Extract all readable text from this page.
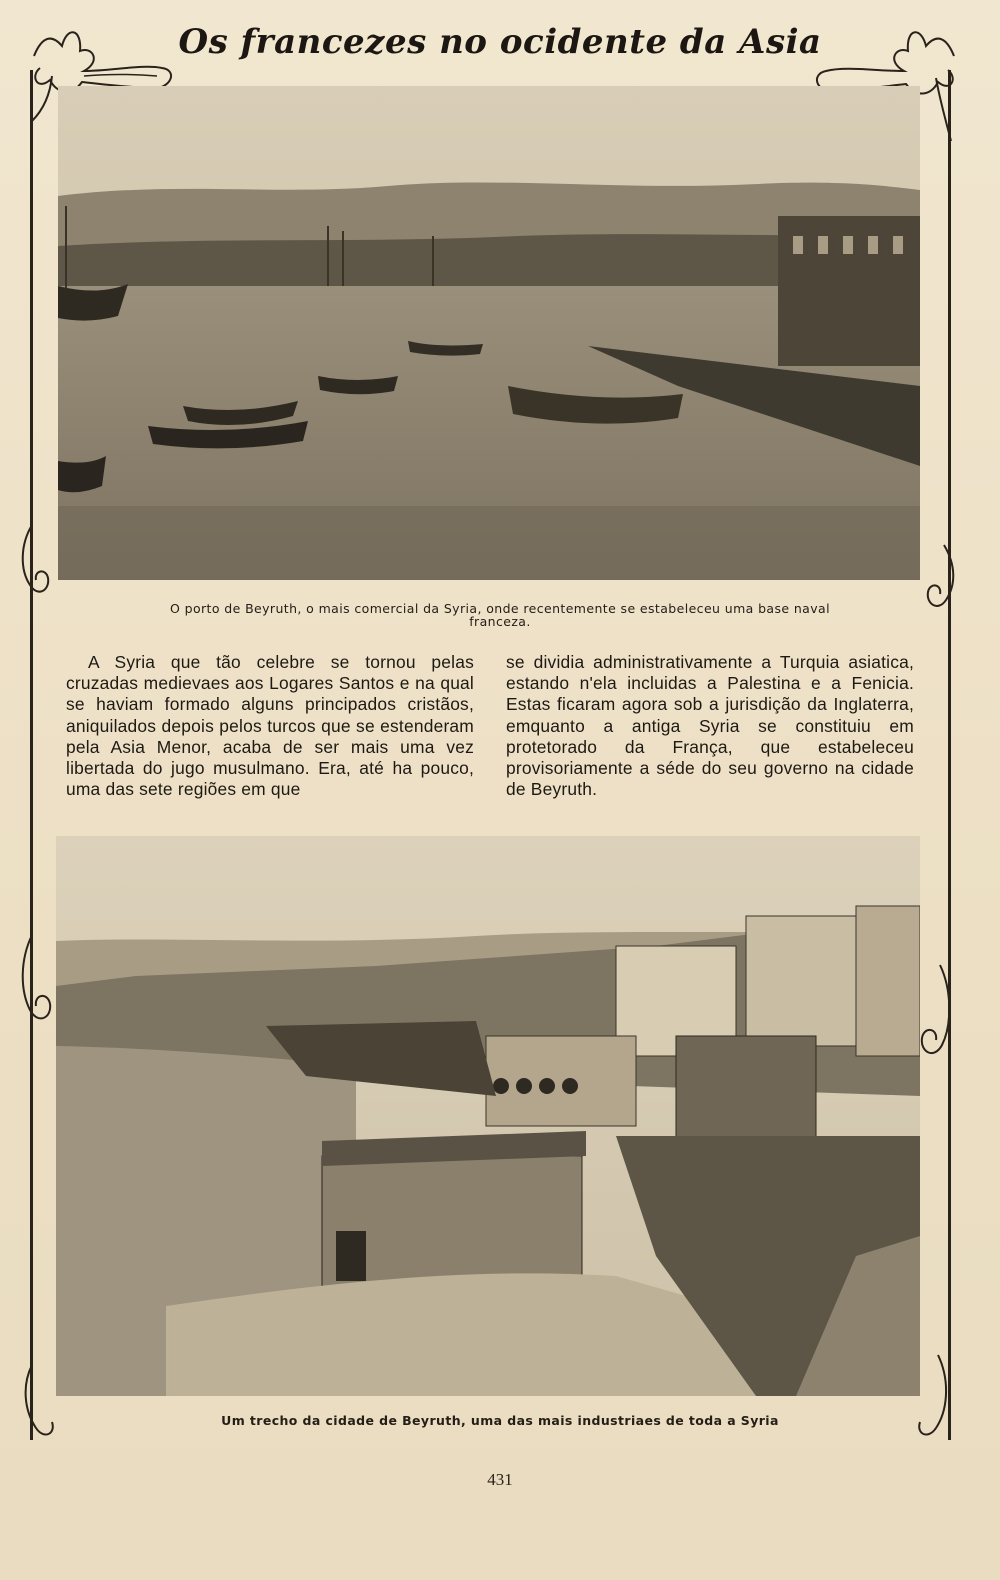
Os francezes no ocidente da Asia
O porto de Beyruth, o mais comercial da Syria, onde recentemente se estabeleceu uma base naval franceza.
A Syria que tão celebre se tornou pelas cruzadas medievaes aos Logares Santos e na qual se haviam formado alguns principados cristãos, aniquilados depois pelos turcos que se estenderam pela Asia Menor, acaba de ser mais uma vez libertada do jugo musulmano. Era, até ha pouco, uma das sete regiões em que
se dividia administrativamente a Turquia asiatica, estando n'ela incluidas a Palestina e a Fenicia. Estas ficaram agora sob a jurisdição da Inglaterra, emquanto a antiga Syria se constituiu em protetorado da França, que estabeleceu provisoriamente a séde do seu governo na cidade de Beyruth.
Um trecho da cidade de Beyruth, uma das mais industriaes de toda a Syria
431
